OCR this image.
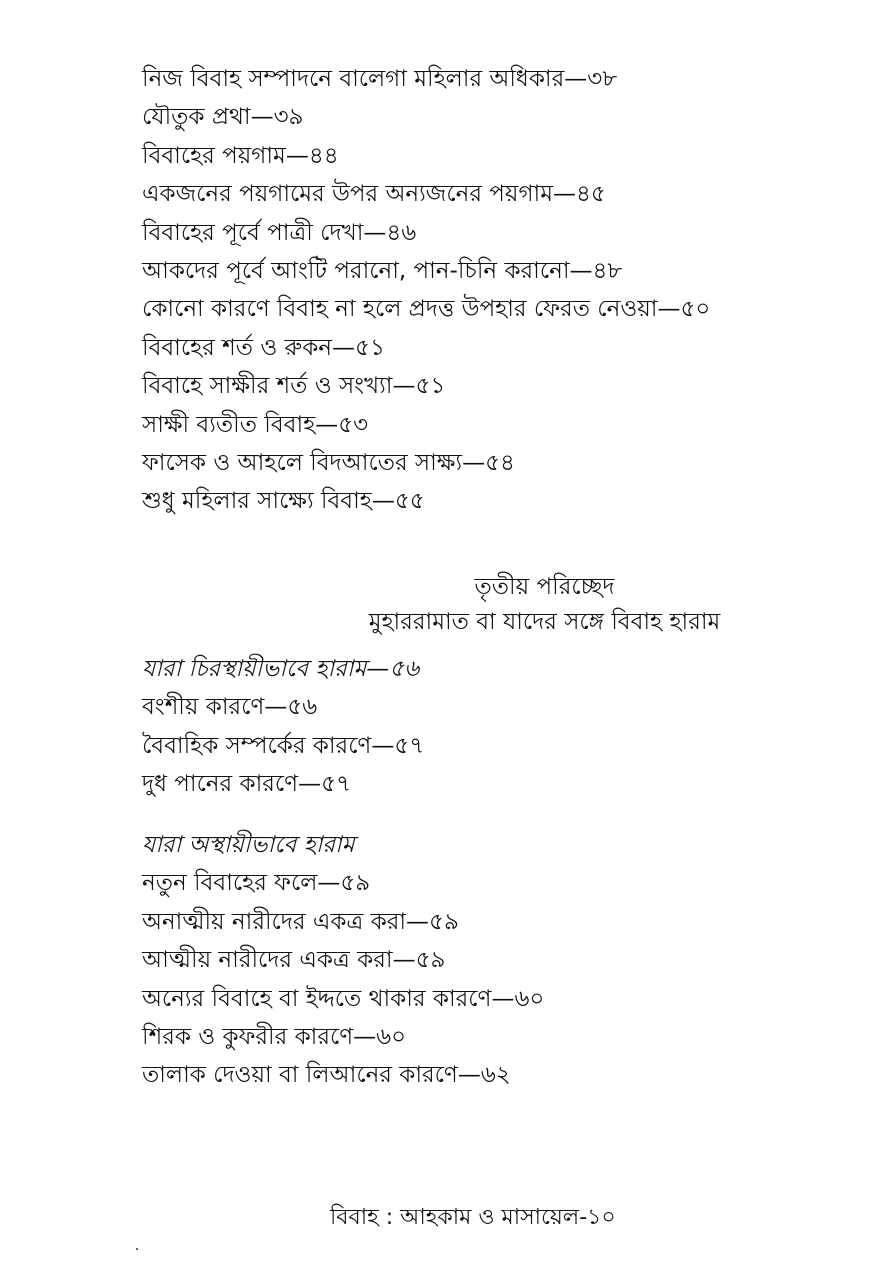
নিজ বিবাহ সম্পাদনে বালেগা মহিলার অধিকার—৩৮
যৌতুক প্রথা—৩৯
বিবাহের পয়গাম—৪৪
একজনের পয়গামের উপর অন্যজনের পয়গাম—৪৫
বিবাহের পূর্বে পাত্রী দেখা—৪৬
আকদের পূর্বে আংটি পরানো, পান-চিনি করানো—৪৮
কোনো কারণে বিবাহ না হলে প্রদত্ত উপহার ফেরত নেওয়া—৫০
বিবাহের শর্ত ও রুকন—৫১
বিবাহে সাক্ষীর শর্ত ও সংখ্যা—৫১
সাক্ষী ব্যতীত বিবাহ—৫৩
ফাসেক ও আহলে বিদআতের সাক্ষ্য—৫৪
শুধু মহিলার সাক্ষ্যে বিবাহ—৫৫
তৃতীয় পরিচ্ছেদ
মুহাররামাত বা যাদের সঙ্গে বিবাহ হারাম
যারা চিরস্থায়ীভাবে হারাম—৫৬
বংশীয় কারণে—৫৬
বৈবাহিক সম্পর্কের কারণে—৫৭
দুধ পানের কারণে—৫৭
যারা অস্থায়ীভাবে হারাম
নতুন বিবাহের ফলে—৫৯
অনাত্মীয় নারীদের একত্র করা—৫৯
আত্মীয় নারীদের একত্র করা—৫৯
অন্যের বিবাহে বা ইদ্দতে থাকার কারণে—৬০
শিরক ও কুফরীর কারণে—৬০
তালাক দেওয়া বা লিআনের কারণে—৬২
বিবাহ : আহকাম ও মাসায়েল-১০
